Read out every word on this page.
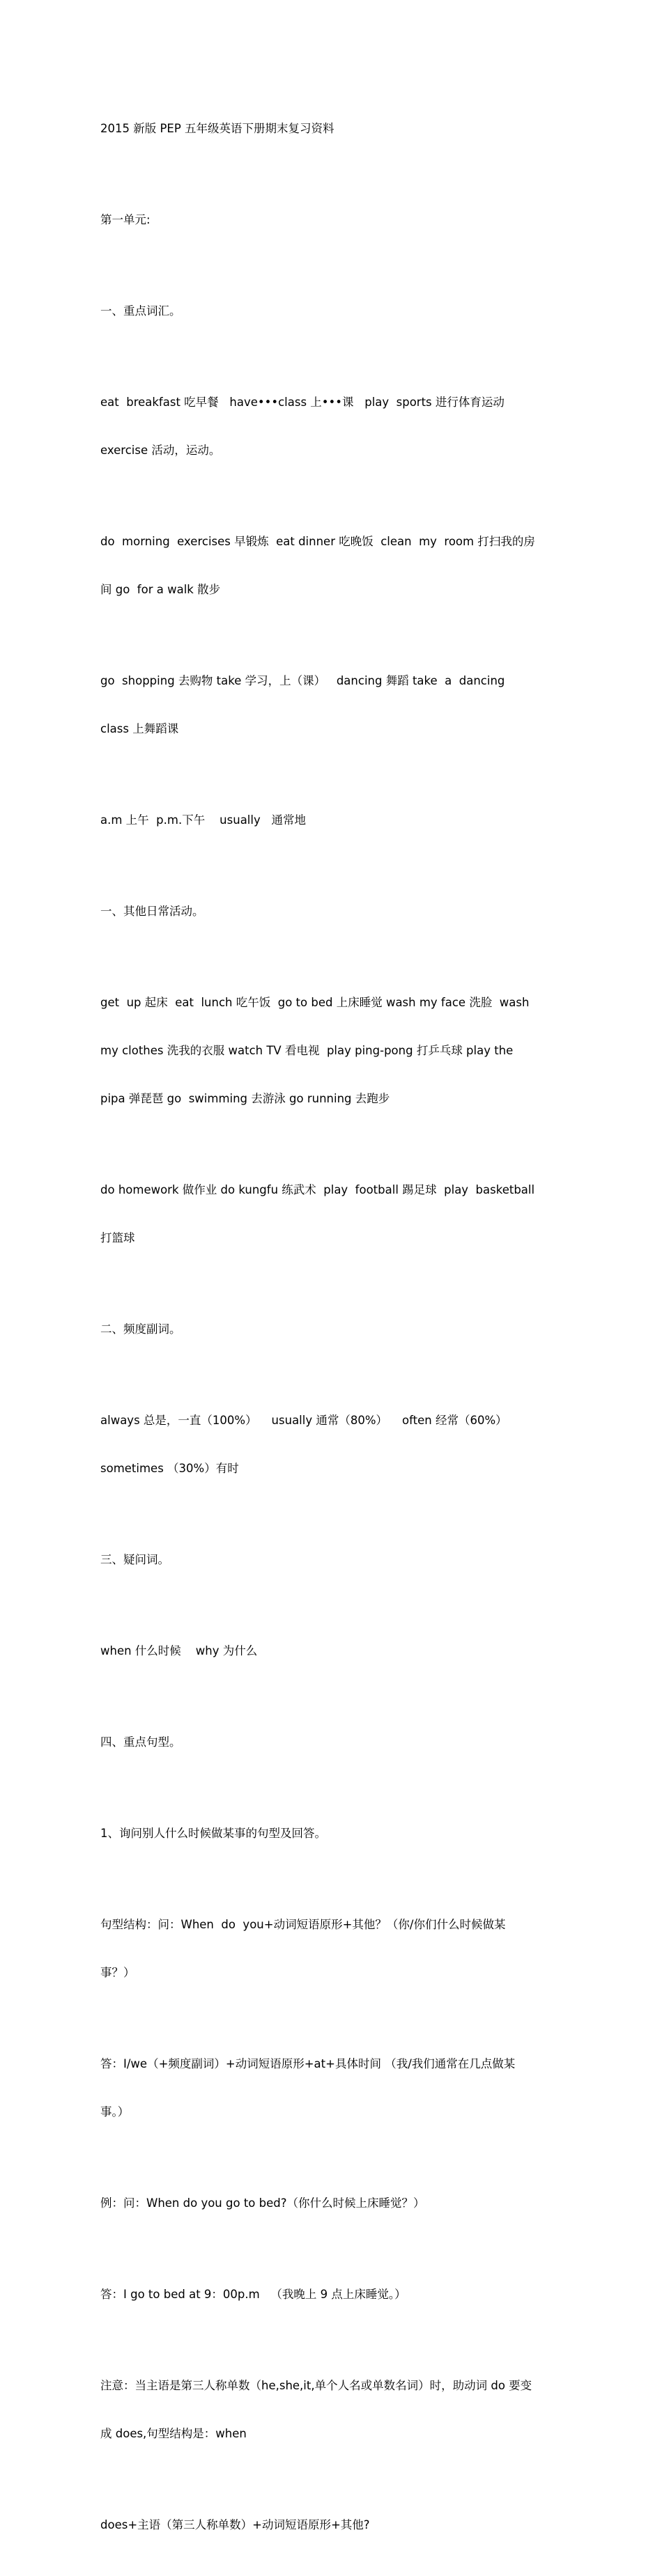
2015 新版 PEP 五年级英语下册期末复习资料

第一单元:

一、重点词汇。

eat  breakfast 吃早餐   have•••class 上•••课   play  sports 进行体育运动

exercise 活动，运动。

do  morning  exercises 早锻炼  eat dinner 吃晚饭  clean  my  room 打扫我的房

间 go  for a walk 散步

go  shopping 去购物 take 学习，上（课）   dancing 舞蹈 take  a  dancing

class 上舞蹈课

a.m 上午  p.m.下午    usually   通常地

一、其他日常活动。

get  up 起床  eat  lunch 吃午饭  go to bed 上床睡觉 wash my face 洗脸  wash

my clothes 洗我的衣服 watch TV 看电视  play ping-pong 打乒乓球 play the

pipa 弹琵琶 go  swimming 去游泳 go running 去跑步

do homework 做作业 do kungfu 练武术  play  football 踢足球  play  basketball

打篮球

二、频度副词。

always 总是，一直（100%）    usually 通常（80%）    often 经常（60%）

sometimes （30%）有时

三、疑问词。

when 什么时候    why 为什么

四、重点句型。

1、询问别人什么时候做某事的句型及回答。

句型结构：问：When  do  you+动词短语原形+其他？（你/你们什么时候做某

事？）

答：I/we（+频度副词）+动词短语原形+at+具体时间 （我/我们通常在几点做某

事。）

例：问：When do you go to bed?（你什么时候上床睡觉？）

答：I go to bed at 9：00p.m   （我晚上 9 点上床睡觉。）

注意：当主语是第三人称单数（he,she,it,单个人名或单数名词）时，助动词 do 要变

成 does,句型结构是：when

does+主语（第三人称单数）+动词短语原形+其他?
